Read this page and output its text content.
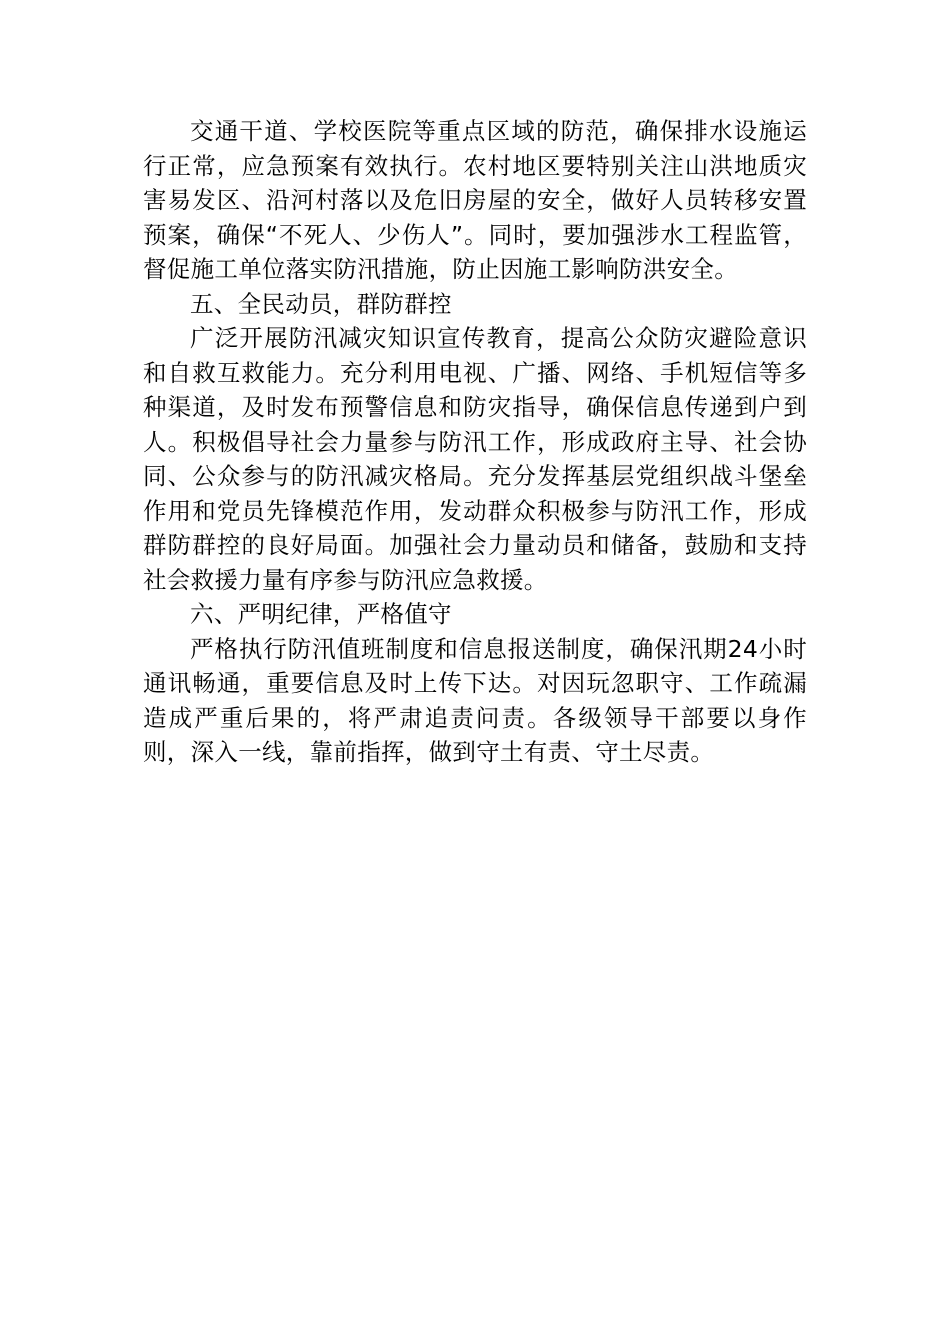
交通干道、学校医院等重点区域的防范，确保排水设施运行正常，应急预案有效执行。农村地区要特别关注山洪地质灾害易发区、沿河村落以及危旧房屋的安全，做好人员转移安置预案，确保“不死人、少伤人”。同时，要加强涉水工程监管，督促施工单位落实防汛措施，防止因施工影响防洪安全。

五、全民动员，群防群控

广泛开展防汛减灾知识宣传教育，提高公众防灾避险意识和自救互救能力。充分利用电视、广播、网络、手机短信等多种渠道，及时发布预警信息和防灾指导，确保信息传递到户到人。积极倡导社会力量参与防汛工作，形成政府主导、社会协同、公众参与的防汛减灾格局。充分发挥基层党组织战斗堡垒作用和党员先锋模范作用，发动群众积极参与防汛工作，形成群防群控的良好局面。加强社会力量动员和储备，鼓励和支持社会救援力量有序参与防汛应急救援。

六、严明纪律，严格值守

严格执行防汛值班制度和信息报送制度，确保汛期24小时通讯畅通，重要信息及时上传下达。对因玩忽职守、工作疏漏造成严重后果的，将严肃追责问责。各级领导干部要以身作则，深入一线，靠前指挥，做到守土有责、守土尽责。
